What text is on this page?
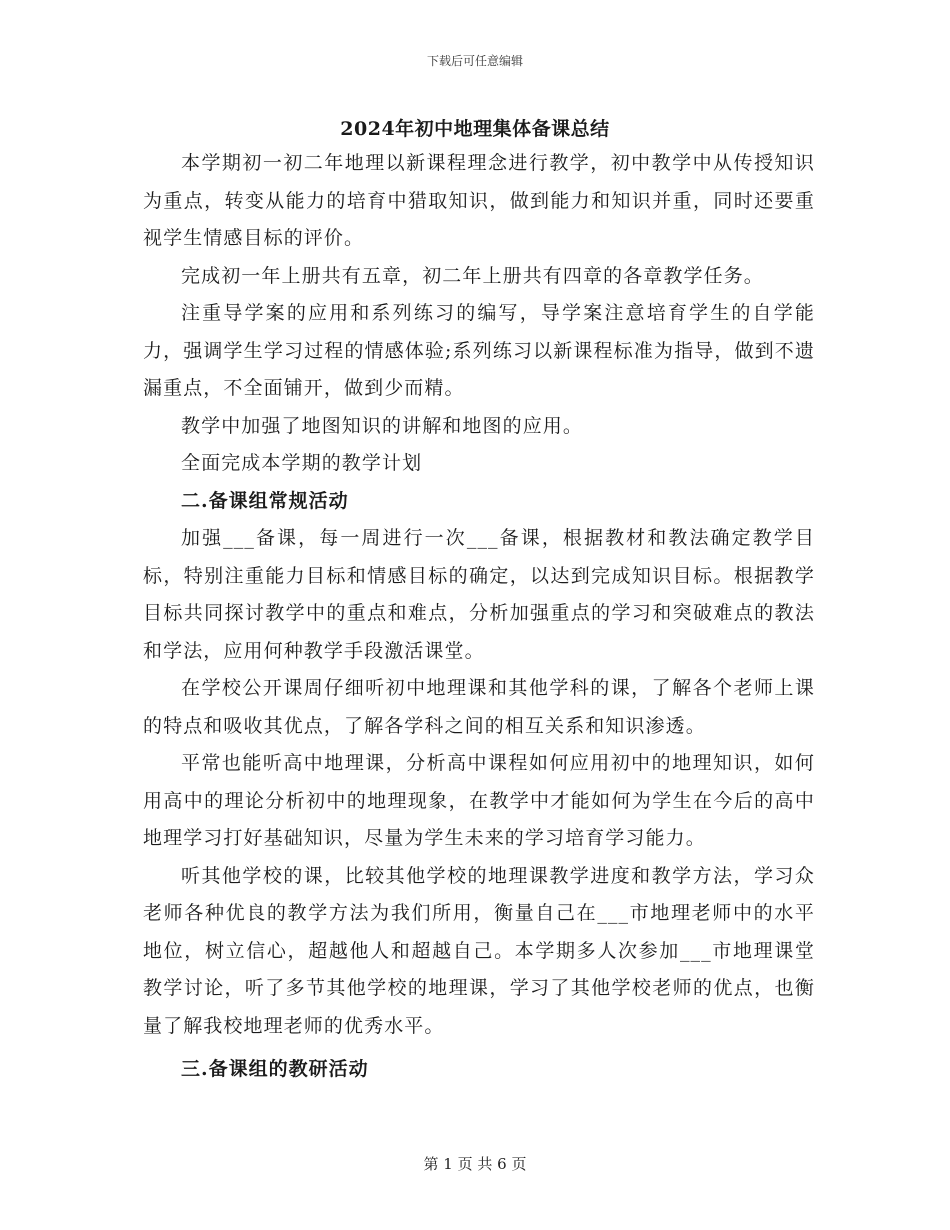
下载后可任意编辑
2024年初中地理集体备课总结

本学期初一初二年地理以新课程理念进行教学，初中教学中从传授知识为重点，转变从能力的培育中猎取知识，做到能力和知识并重，同时还要重视学生情感目标的评价。

完成初一年上册共有五章，初二年上册共有四章的各章教学任务。

注重导学案的应用和系列练习的编写，导学案注意培育学生的自学能力，强调学生学习过程的情感体验;系列练习以新课程标准为指导，做到不遗漏重点，不全面铺开，做到少而精。

教学中加强了地图知识的讲解和地图的应用。

全面完成本学期的教学计划

二.备课组常规活动

加强___备课，每一周进行一次___备课，根据教材和教法确定教学目标，特别注重能力目标和情感目标的确定，以达到完成知识目标。根据教学目标共同探讨教学中的重点和难点，分析加强重点的学习和突破难点的教法和学法，应用何种教学手段激活课堂。

在学校公开课周仔细听初中地理课和其他学科的课，了解各个老师上课的特点和吸收其优点，了解各学科之间的相互关系和知识渗透。

平常也能听高中地理课，分析高中课程如何应用初中的地理知识，如何用高中的理论分析初中的地理现象，在教学中才能如何为学生在今后的高中地理学习打好基础知识，尽量为学生未来的学习培育学习能力。

听其他学校的课，比较其他学校的地理课教学进度和教学方法，学习众老师各种优良的教学方法为我们所用，衡量自己在___市地理老师中的水平地位，树立信心，超越他人和超越自己。本学期多人次参加___市地理课堂教学讨论，听了多节其他学校的地理课，学习了其他学校老师的优点，也衡量了解我校地理老师的优秀水平。

三.备课组的教研活动

第 1 页 共 6 页
